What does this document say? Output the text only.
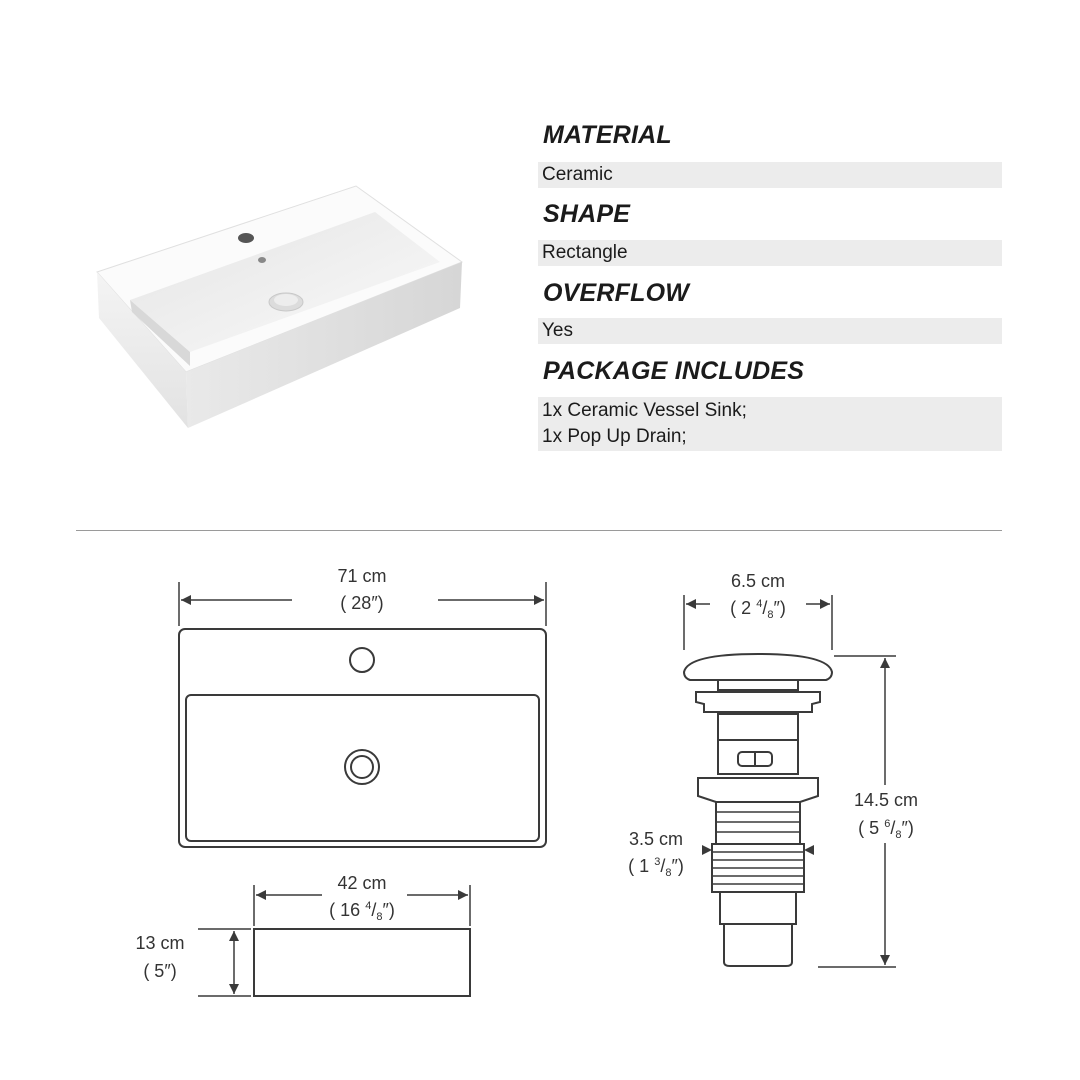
MATERIAL
Ceramic
SHAPE
Rectangle
OVERFLOW
Yes
PACKAGE INCLUDES
1x Ceramic Vessel Sink;
1x Pop Up Drain;
71 cm
( 28″)
42 cm
( 16 $^4/_8''$)
13 cm
( 5″)
6.5 cm
( 2 $^4/_8''$)
3.5 cm
( 1 $^3/_8''$)
14.5 cm
( 5 $^6/_8''$)
